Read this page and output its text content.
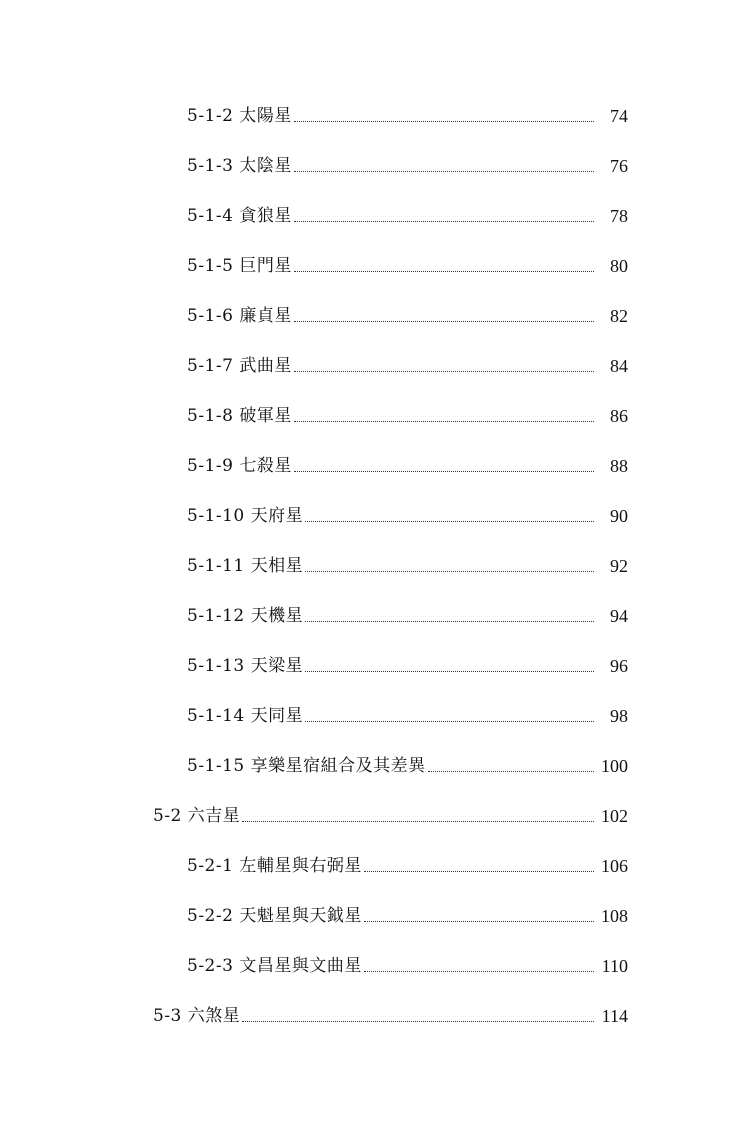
5-1-2 太陽星	74
5-1-3 太陰星	76
5-1-4 貪狼星	78
5-1-5 巨門星	80
5-1-6 廉貞星	82
5-1-7 武曲星	84
5-1-8 破軍星	86
5-1-9 七殺星	88
5-1-10 天府星	90
5-1-11 天相星	92
5-1-12 天機星	94
5-1-13 天梁星	96
5-1-14 天同星	98
5-1-15 享樂星宿組合及其差異	100
5-2 六吉星	102
5-2-1 左輔星與右弼星	106
5-2-2 天魁星與天鉞星	108
5-2-3 文昌星與文曲星	110
5-3 六煞星	114
